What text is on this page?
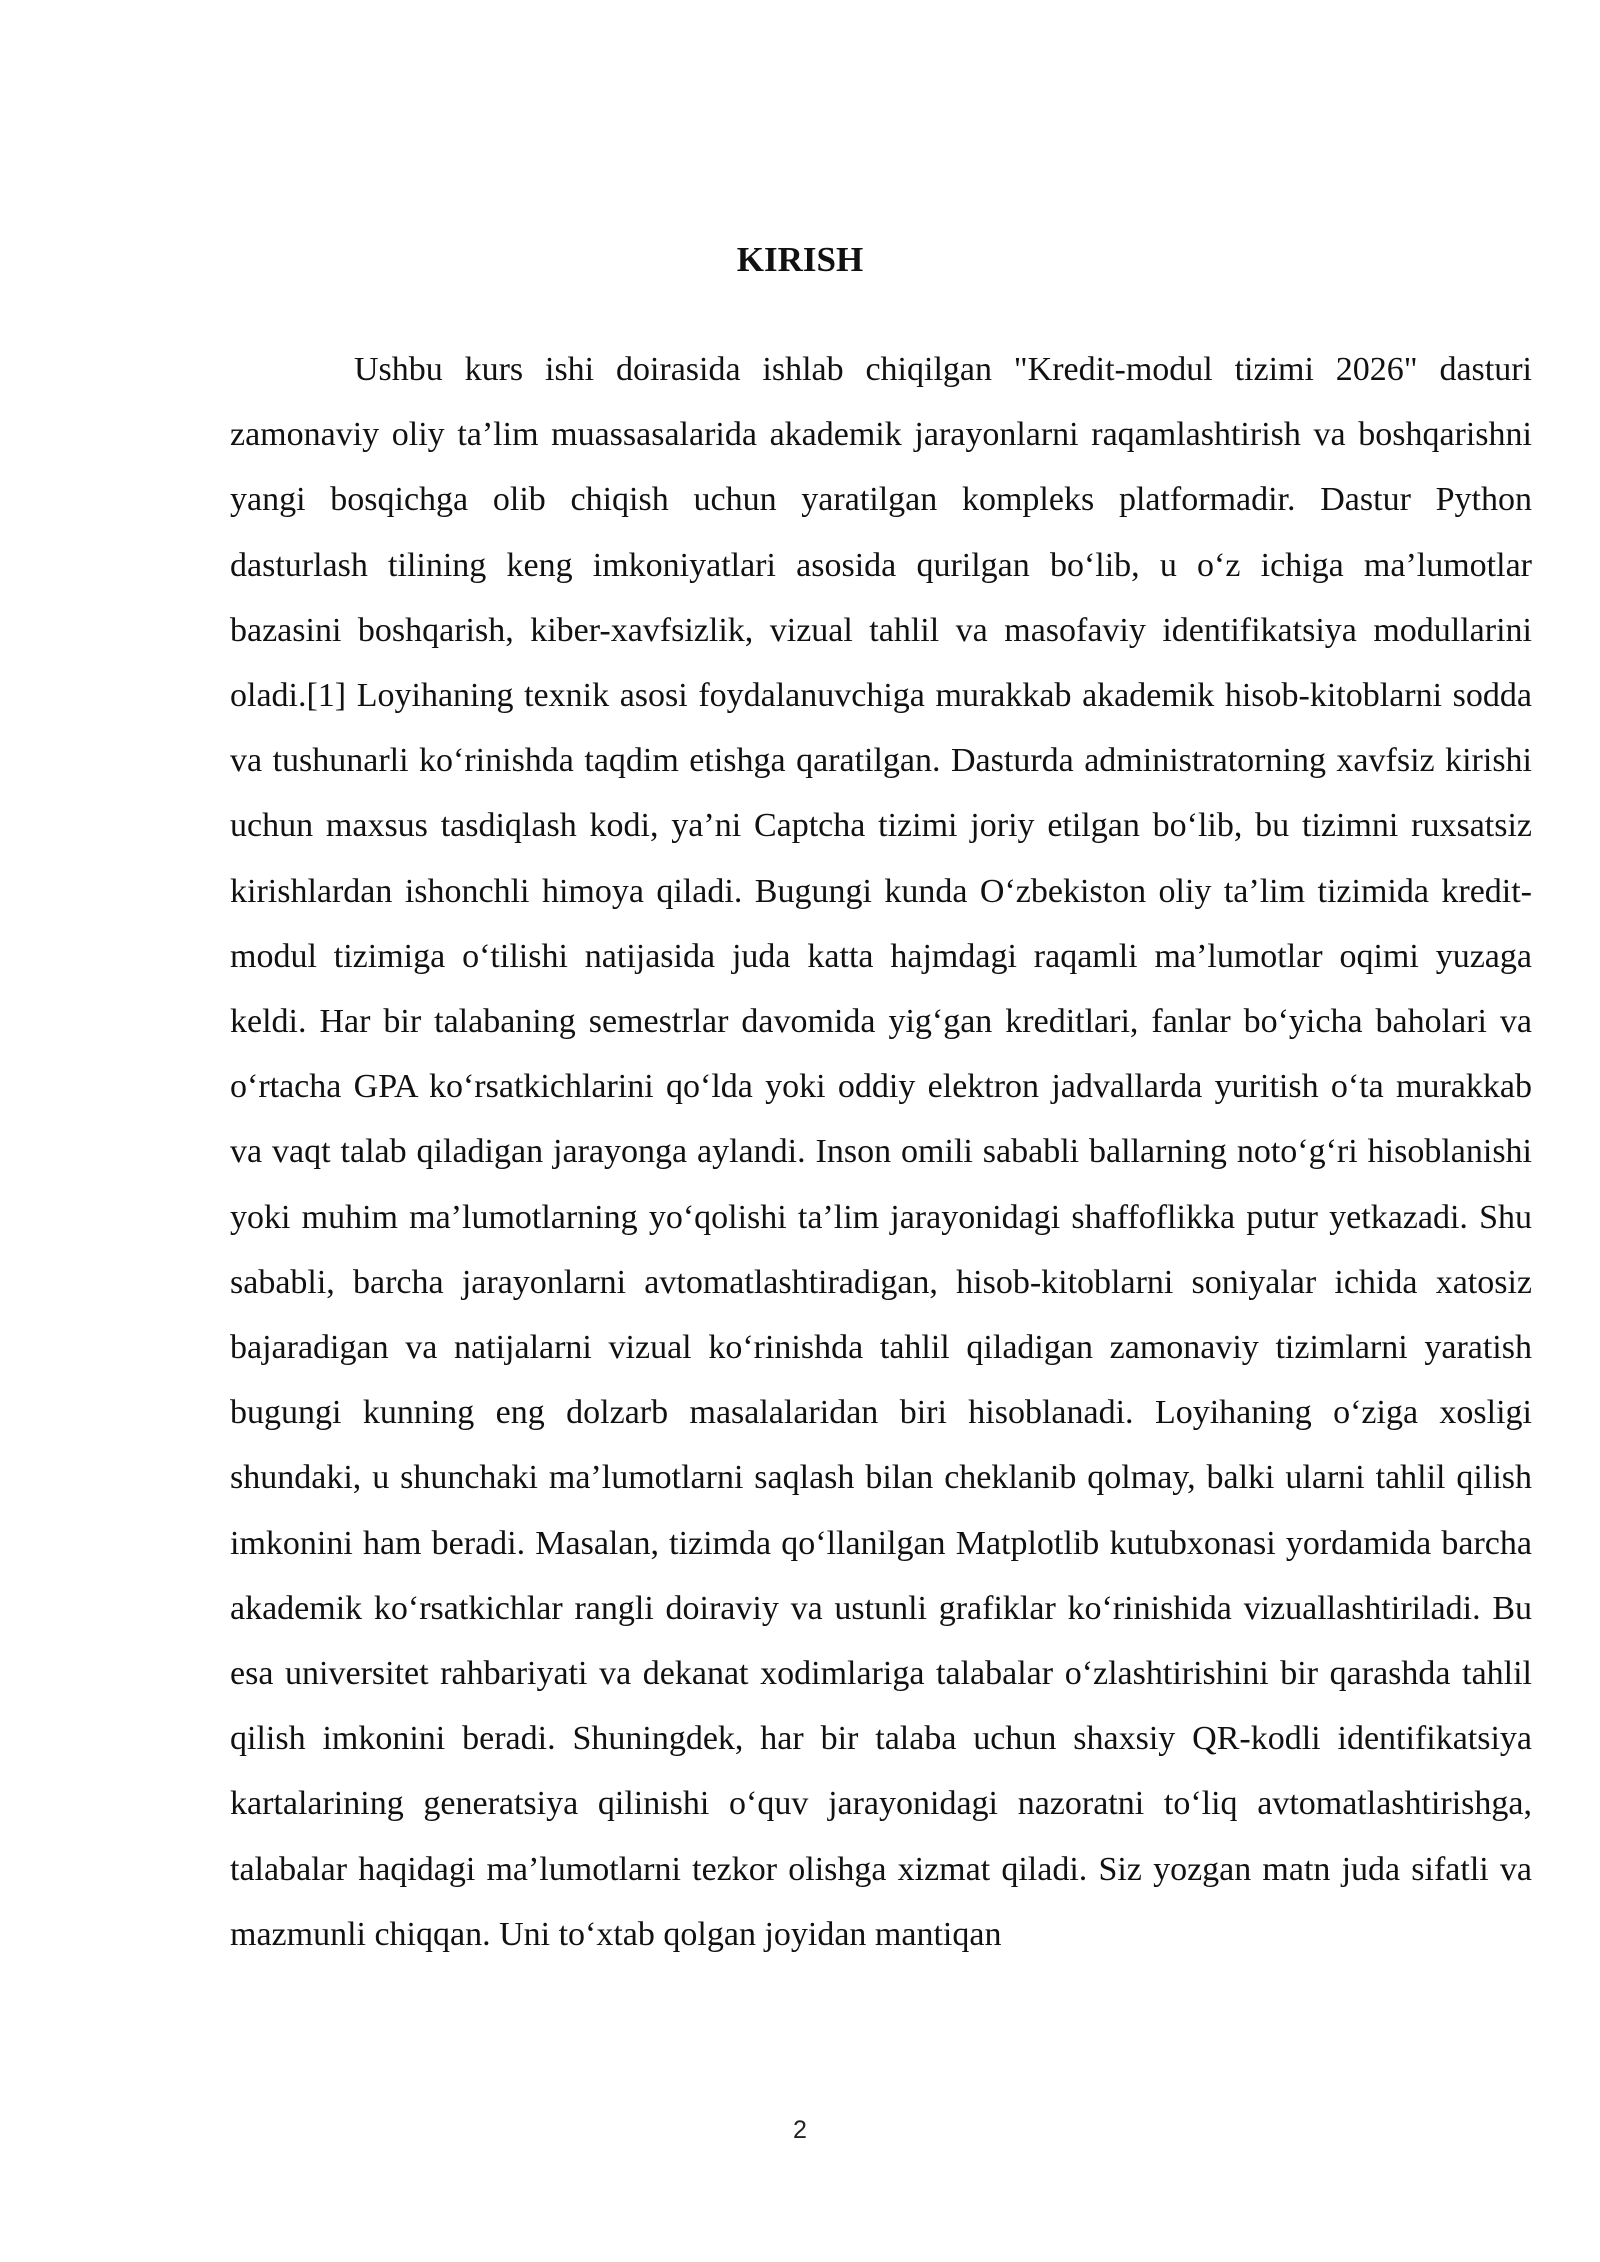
KIRISH

Ushbu kurs ishi doirasida ishlab chiqilgan "Kredit-modul tizimi 2026" dasturi zamonaviy oliy ta’lim muassasalarida akademik jarayonlarni raqamlashtirish va boshqarishni yangi bosqichga olib chiqish uchun yaratilgan kompleks platformadir. Dastur Python dasturlash tilining keng imkoniyatlari asosida qurilgan bo‘lib, u o‘z ichiga ma’lumotlar bazasini boshqarish, kiber-xavfsizlik, vizual tahlil va masofaviy identifikatsiya modullarini oladi.[1] Loyihaning texnik asosi foydalanuvchiga murakkab akademik hisob-kitoblarni sodda va tushunarli ko‘rinishda taqdim etishga qaratilgan. Dasturda administratorning xavfsiz kirishi uchun maxsus tasdiqlash kodi, ya’ni Captcha tizimi joriy etilgan bo‘lib, bu tizimni ruxsatsiz kirishlardan ishonchli himoya qiladi. Bugungi kunda O‘zbekiston oliy ta’lim tizimida kredit-modul tizimiga o‘tilishi natijasida juda katta hajmdagi raqamli ma’lumotlar oqimi yuzaga keldi. Har bir talabaning semestrlar davomida yig‘gan kreditlari, fanlar bo‘yicha baholari va o‘rtacha GPA ko‘rsatkichlarini qo‘lda yoki oddiy elektron jadvallarda yuritish o‘ta murakkab va vaqt talab qiladigan jarayonga aylandi. Inson omili sababli ballarning noto‘g‘ri hisoblanishi yoki muhim ma’lumotlarning yo‘qolishi ta’lim jarayonidagi shaffoflikka putur yetkazadi. Shu sababli, barcha jarayonlarni avtomatlashtiradigan, hisob-kitoblarni soniyalar ichida xatosiz bajaradigan va natijalarni vizual ko‘rinishda tahlil qiladigan zamonaviy tizimlarni yaratish bugungi kunning eng dolzarb masalalaridan biri hisoblanadi. Loyihaning o‘ziga xosligi shundaki, u shunchaki ma’lumotlarni saqlash bilan cheklanib qolmay, balki ularni tahlil qilish imkonini ham beradi. Masalan, tizimda qo‘llanilgan Matplotlib kutubxonasi yordamida barcha akademik ko‘rsatkichlar rangli doiraviy va ustunli grafiklar ko‘rinishida vizuallashtiriladi. Bu esa universitet rahbariyati va dekanat xodimlariga talabalar o‘zlashtirishini bir qarashda tahlil qilish imkonini beradi. Shuningdek, har bir talaba uchun shaxsiy QR-kodli identifikatsiya kartalarining generatsiya qilinishi o‘quv jarayonidagi nazoratni to‘liq avtomatlashtirishga, talabalar haqidagi ma’lumotlarni tezkor olishga xizmat qiladi. Siz yozgan matn juda sifatli va mazmunli chiqqan. Uni to‘xtab qolgan joyidan mantiqan

2
